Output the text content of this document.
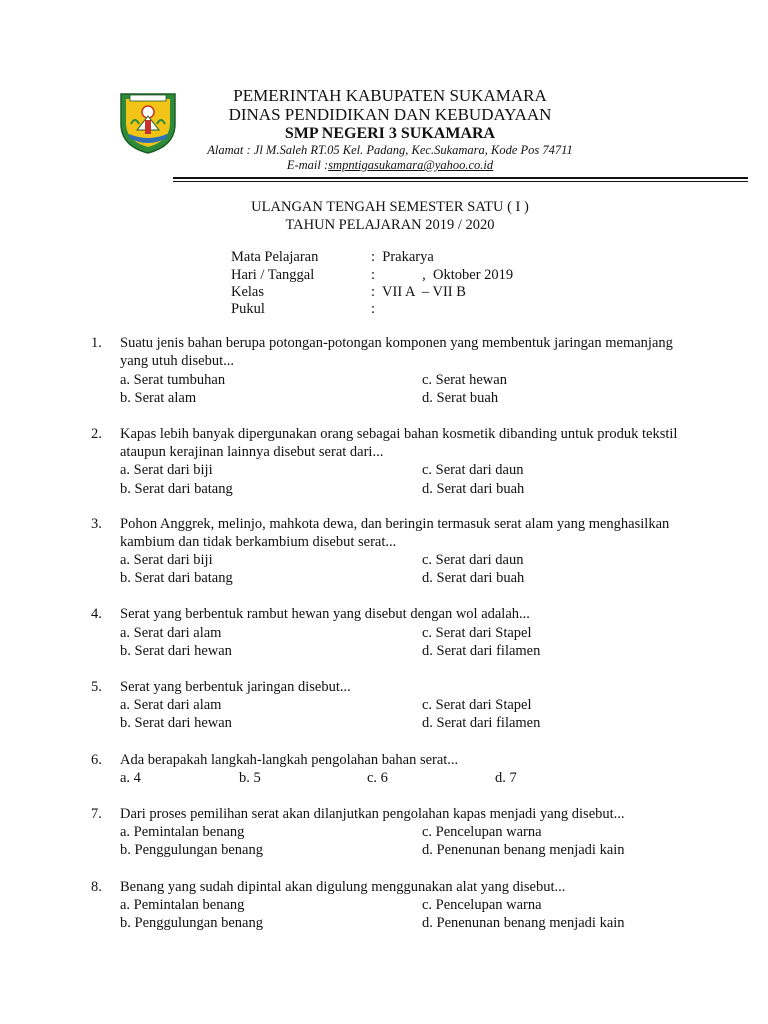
PEMERINTAH KABUPATEN SUKAMARA
DINAS PENDIDIKAN DAN KEBUDAYAAN
SMP NEGERI 3 SUKAMARA
Alamat : Jl M.Saleh RT.05 Kel. Padang, Kec.Sukamara, Kode Pos 74711
E-mail :smpntigasukamara@yahoo.co.id
ULANGAN TENGAH SEMESTER SATU ( I )
TAHUN PELAJARAN 2019 / 2020
Mata Pelajaran	:  Prakarya
Hari / Tanggal	:             ,  Oktober 2019
Kelas	:  VII A  – VII B
Pukul	:
1. Suatu jenis bahan berupa potongan-potongan komponen yang membentuk jaringan memanjang yang utuh disebut...
a. Serat tumbuhan	c. Serat hewan
b. Serat alam	d. Serat buah
2. Kapas lebih banyak dipergunakan orang sebagai bahan kosmetik dibanding untuk produk tekstil ataupun kerajinan lainnya disebut serat dari...
a. Serat dari biji	c. Serat dari daun
b. Serat dari batang	d. Serat dari buah
3. Pohon Anggrek, melinjo, mahkota dewa, dan beringin termasuk serat alam yang menghasilkan kambium dan tidak berkambium disebut serat...
a. Serat dari biji	c. Serat dari daun
b. Serat dari batang	d. Serat dari buah
4. Serat yang berbentuk rambut hewan yang disebut dengan wol adalah...
a. Serat dari alam	c. Serat dari Stapel
b. Serat dari hewan	d. Serat dari filamen
5. Serat yang berbentuk jaringan disebut...
a. Serat dari alam	c. Serat dari Stapel
b. Serat dari hewan	d. Serat dari filamen
6. Ada berapakah langkah-langkah pengolahan bahan serat...
a. 4	b. 5	c. 6	d. 7
7. Dari proses pemilihan serat akan dilanjutkan pengolahan kapas menjadi yang disebut...
a. Pemintalan benang	c. Pencelupan warna
b. Penggulungan benang	d. Penenunan benang menjadi kain
8. Benang yang sudah dipintal akan digulung menggunakan alat yang disebut...
a. Pemintalan benang	c. Pencelupan warna
b. Penggulungan benang	d. Penenunan benang menjadi kain
